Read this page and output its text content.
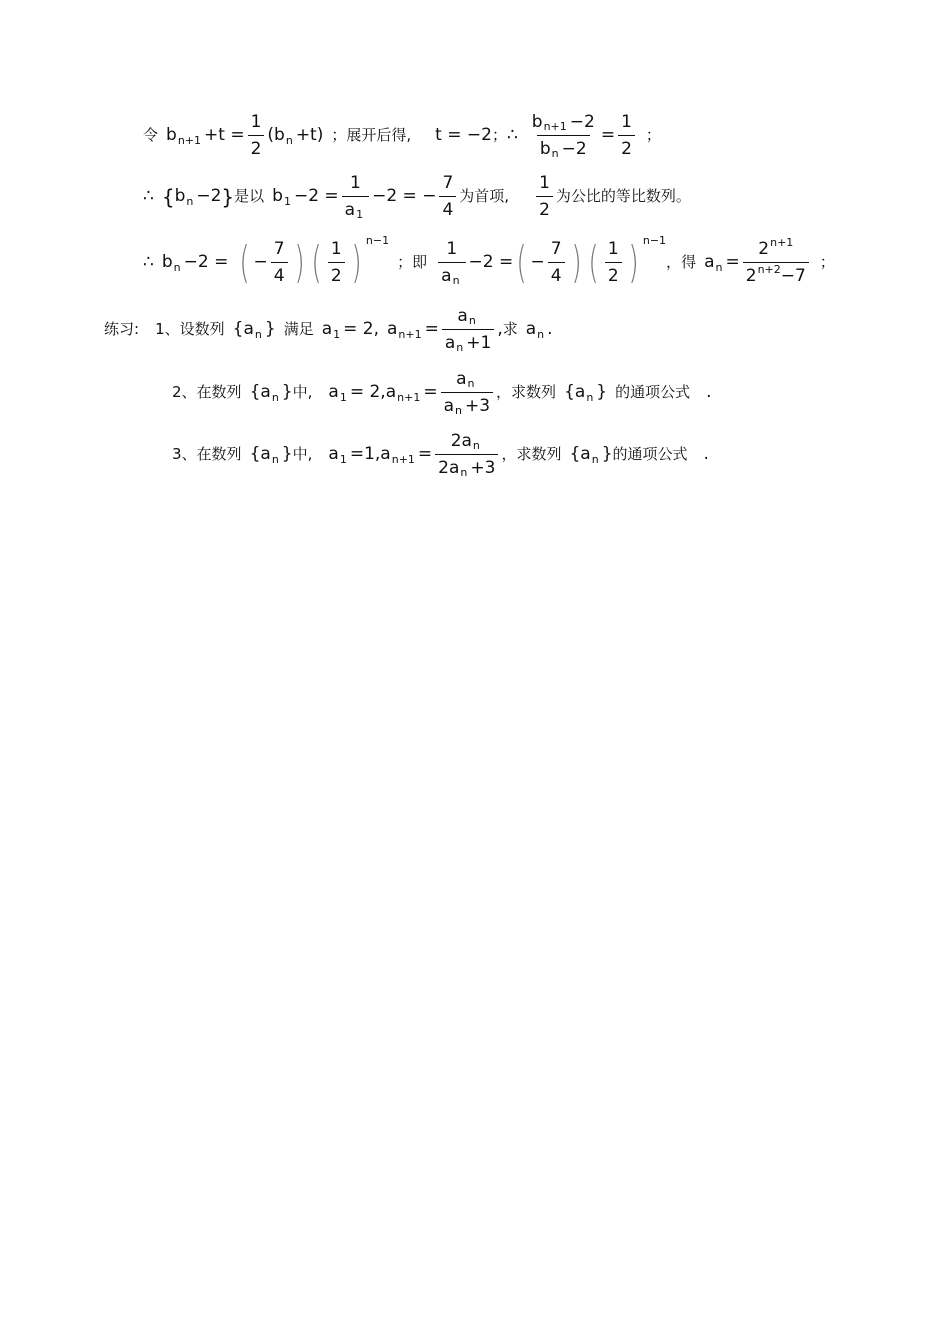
令 b $n+1 +t = \frac{1}{2} (b$ n +t) ； 展开后得, t = −2 ； ∴ $\frac{\text{b n+1 −2}}{\text{b n −2}} = \frac{1}{2}$ ；
∴ { b n −2 } 是以 b $1 -2 = \frac{1}{a 1} -2$ = − $\frac{7}{4}$ 为首项, $\frac{1}{2}$ 为公比的等比数列。
∴ b n −2 = ( − $\frac{7}{4}$ ) ( $\frac{1}{2}$ ) n−1
； 即 $\frac{1}{\text{a n}} -2$ = ( − $\frac{7}{4}$ ) ( $\frac{1}{2}$ ) n−1
， 得 a $n = \frac{2 n+1}{2 n+2 -7}$ ；
练习: 1、 设数列 { a n } 满足 a 1 = 2, a $n+1 = \frac{\text{a n}}{\text{a n +1}}$ , 求 a n .
2、 在数列 { a n } 中, a 1 = 2, a $n+1 = \frac{\text{a n}}{\text{a n +3}}$ ， 求数列 { a n } 的通项公式 .
3、 在数列 { a n } 中, a 1 =1, a $n+1 = \frac{\text{2a n}}{\text{2a n +3}}$ ， 求数列 { a n } 的通项公式 .
